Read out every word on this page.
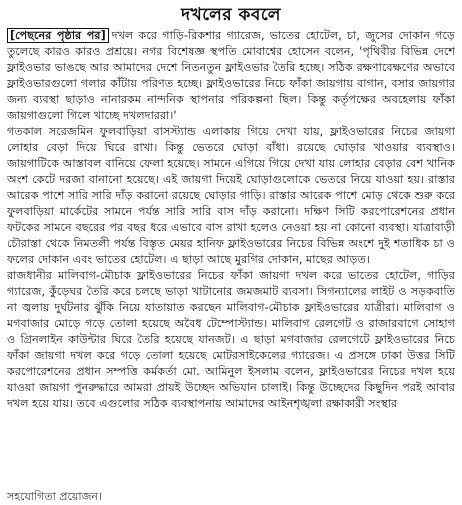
দখলের কবলে

[পেছনের পৃষ্ঠার পর] দখল করে গাড়ি-রিকশার গ্যারেজ, ভাতের হোটেল, চা, জুসের দোকান গড়ে তুলেছে কারও কারও প্রশ্রয়ে। নগর বিশেষজ্ঞ স্থপতি মোবাশ্বের হোসেন বলেন, 'পৃথিবীর বিভিন্ন দেশে ফ্লাইওভার ভাঙছে আর আমাদের দেশে নিতনতুন ফ্লাইওভার তৈরি হচ্ছে। সঠিক রক্ষণাবেক্ষণের অভাবে ফ্লাইওভারগুলো গলার কাঁটায় পরিণত হচ্ছে। ফ্লাইওভারের নিচে ফাঁকা জায়গায় বাগান, বসার জায়গার জন্য ব্যবস্থা ছাড়াও নানারকম নান্দনিক স্থাপনার পরিকল্পনা ছিল। কিন্তু কর্তৃপক্ষের অবহেলায় ফাঁকা জায়গাগুলো গিলে খাচ্ছে দখলদাররা।'

গতকাল সরেজমিন ফুলবাড়িয়া বাসস্ট্যান্ড এলাকায় গিয়ে দেখা যায়, ফ্লাইওভারের নিচের জায়গা লোহার বেড়া দিয়ে ঘিরে রাখা। কিন্তু ভেতরে ঘোড়া বাঁধা। রয়েছে ঘোড়ার খাওয়ার ব্যবস্থাও। জায়গাটিকে আস্তাবল বানিয়ে ফেলা হয়েছে। সামনে এগিয়ে গিয়ে দেখা যায় লোহার বেড়ার বেশ খানিক অংশ কেটে দরজা বানানো হয়েছে। এই জায়গা দিয়েই ঘোড়াগুলোকে ভেতরে নিয়ে যাওয়া হয়। রাস্তার আরেক পাশে সারি সারি দাঁড় করানো রয়েছে ঘোড়ার গাড়ি। রাস্তার আরেক পাশে মোড় থেকে শুরু করে ফুলবাড়িয়া মার্কেটের সামনে পর্যন্ত সারি সারি বাস দাঁড় করানো। দক্ষিণ সিটি করপোরেশনের প্রধান ফটকের সামনে বছরের পর বছর ধরে এভাবে বাস রাখা হলেও নেওয়া হয় না কোনো ব্যবস্থা। যাত্রাবাড়ী চৌরাস্তা থেকে নিমতলী পর্যন্ত বিস্তৃত মেয়র হানিফ ফ্লাইওভারের নিচের বিভিন্ন অংশে দুই শতাধিক চা ও ফলের দোকান এবং ভাতের হোটেল। এ ছাড়া আছে মুরগির দোকান, মাছের আড়ত।

রাজধানীর মালিবাগ-মৌচাক ফ্লাইওভারের নিচের ফাঁকা জায়গা দখল করে ভাতের হোটেল, গাড়ির গ্যারেজ, কুঁড়েঘর তৈরি করে চলছে ভাড়া খাটানোর জমজমাট ব্যবসা। সিগন্যালের লাইট ও সড়কবাতি না জ্বলায় দুর্ঘটনার ঝুঁকি নিয়ে যাতায়াত করছেন মালিবাগ-মৌচাক ফ্লাইওভারের যাত্রীরা। মালিবাগ ও মগবাজার মোড়ে গড়ে তোলা হয়েছে অবৈধ টেম্পোস্ট্যান্ড। মালিবাগ রেলগেট ও রাজারবাগে সোহাগ ও গ্রিনলাইন কাউন্টার ঘিরে তৈরি হয়েছে যানজট। এ ছাড়া মগবাজার রেলগেটে ফ্লাইওভারের নিচে ফাঁকা জায়গা দখল করে গড়ে তোলা হয়েছে মোটরসাইকেলের গ্যারেজ। এ প্রসঙ্গে ঢাকা উত্তর সিটি করপোরেশনের প্রধান সম্পত্তি কর্মকর্তা মো. আমিনুল ইসলাম বলেন, ফ্লাইওভারের নিচের দখল হয়ে যাওয়া জায়গা পুনরুদ্ধারে আমরা প্রায়ই উচ্ছেদ অভিযান চালাই। কিন্তু উচ্ছেদের কিছুদিন পরই আবার দখল হয়ে যায়। তবে এগুলোর সঠিক ব্যবস্থাপনায় আমাদের আইনশৃঙ্খলা রক্ষাকারী সংস্থার

সহযোগিতা প্রয়োজন।
